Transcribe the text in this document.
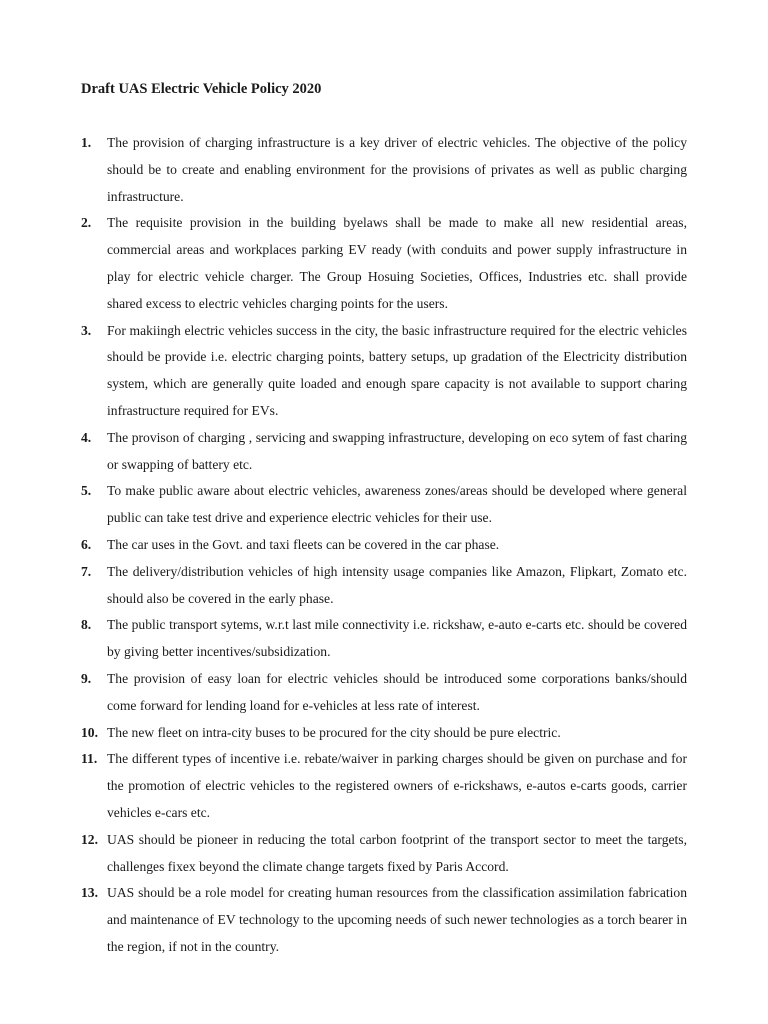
Draft UAS Electric Vehicle Policy 2020
1. The provision of charging infrastructure is a key driver of electric vehicles. The objective of the policy should be to create and enabling environment for the provisions of privates as well as public charging infrastructure.
2. The requisite provision in the building byelaws shall be made to make all new residential areas, commercial areas and workplaces parking EV ready (with conduits and power supply infrastructure in play for electric vehicle charger. The Group Hosuing Societies, Offices, Industries etc. shall provide shared excess to electric vehicles charging points for the users.
3. For makiingh electric vehicles success in the city, the basic infrastructure required for the electric vehicles should be provide i.e. electric charging points, battery setups, up gradation of the Electricity distribution system, which are generally quite loaded and enough spare capacity is not available to support charing infrastructure required for EVs.
4. The provison of charging , servicing and swapping infrastructure, developing on eco sytem of fast charing or swapping of battery etc.
5. To make public aware about electric vehicles, awareness zones/areas should be developed where general public can take test drive and experience electric vehicles for their use.
6. The car uses in the Govt. and taxi fleets can be covered in the car phase.
7. The delivery/distribution vehicles of high intensity usage companies like Amazon, Flipkart, Zomato etc. should also be covered in the early phase.
8. The public transport sytems, w.r.t last mile connectivity i.e. rickshaw, e-auto e-carts etc. should be covered by giving better incentives/subsidization.
9. The provision of easy loan for electric vehicles should be introduced some corporations banks/should come forward for lending loand for e-vehicles at less rate of interest.
10. The new fleet on intra-city buses to be procured for the city should be pure electric.
11. The different types of incentive i.e. rebate/waiver in parking charges should be given on purchase and for the promotion of electric vehicles to the registered owners of e-rickshaws, e-autos e-carts goods, carrier vehicles e-cars etc.
12. UAS should be pioneer in reducing the total carbon footprint of the transport sector to meet the targets, challenges fixex beyond the climate change targets fixed by Paris Accord.
13. UAS should be a role model for creating human resources from the classification assimilation fabrication and maintenance of EV technology to the upcoming needs of such newer technologies as a torch bearer in the region, if not in the country.
